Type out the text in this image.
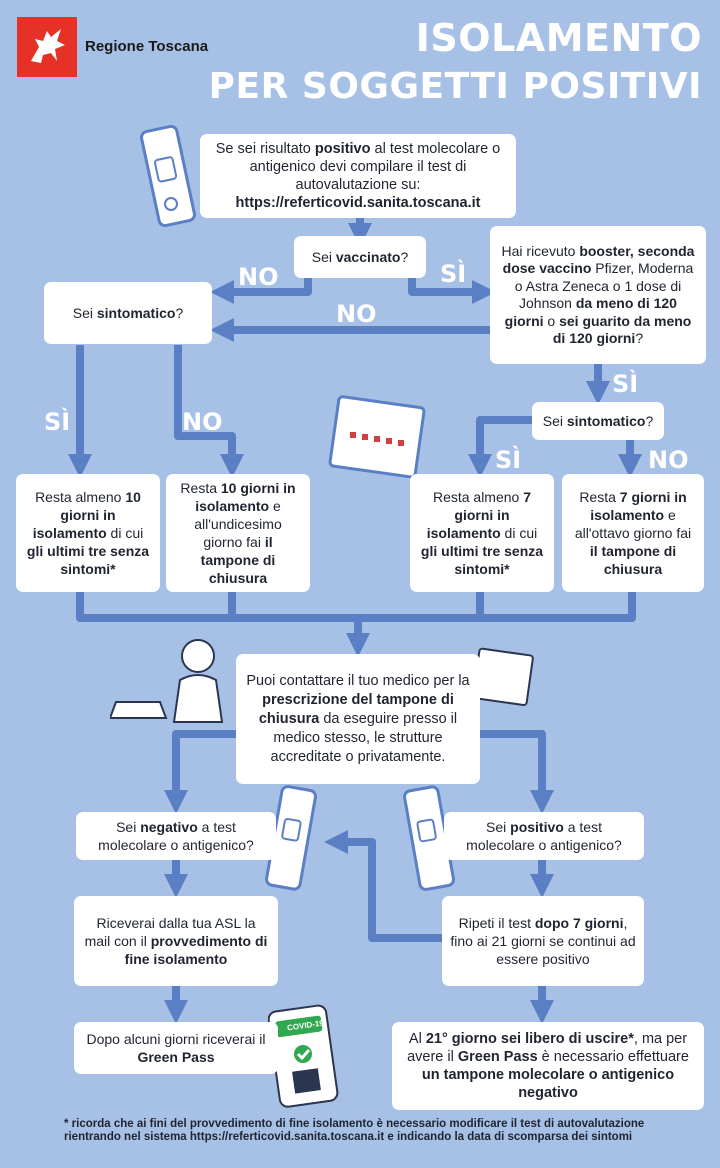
Regione Toscana	ISOLAMENTO
PER SOGGETTI POSITIVI
NO	SÌ
NO
SÌ	NO
SÌ
SÌ	NO
COVID-19
Se sei risultato positivo al test molecolare o antigenico devi compilare il test di autovalutazione su:
https://referticovid.sanita.toscana.it
Sei vaccinato?	Hai ricevuto booster, seconda dose vaccino Pfizer, Moderna o Astra Zeneca o 1 dose di Johnson da meno di 120 giorni o sei guarito da meno di 120 giorni?
Sei sintomatico?
Sei sintomatico?
Resta almeno 10 giorni in isolamento di cui gli ultimi tre senza sintomi*
Resta 10 giorni in isolamento e all'undicesimo giorno fai il tampone di chiusura
Resta almeno 7 giorni in isolamento di cui gli ultimi tre senza sintomi*
Resta 7 giorni in isolamento e all'ottavo giorno fai il tampone di chiusura
Puoi contattare il tuo medico per la prescrizione del tampone di chiusura da eseguire presso il medico stesso, le strutture accreditate o privatamente.
Sei negativo a test molecolare o antigenico?
Sei positivo a test molecolare o antigenico?
Riceverai dalla tua ASL la mail con il provvedimento di fine isolamento
Ripeti il test dopo 7 giorni, fino ai 21 giorni se continui ad essere positivo
Dopo alcuni giorni riceverai il Green Pass
Al 21° giorno sei libero di uscire*, ma per avere il Green Pass è necessario effettuare un tampone molecolare o antigenico negativo
* ricorda che ai fini del provvedimento di fine isolamento è necessario modificare il test di autovalutazione rientrando nel sistema https://referticovid.sanita.toscana.it e indicando la data di scomparsa dei sintomi
